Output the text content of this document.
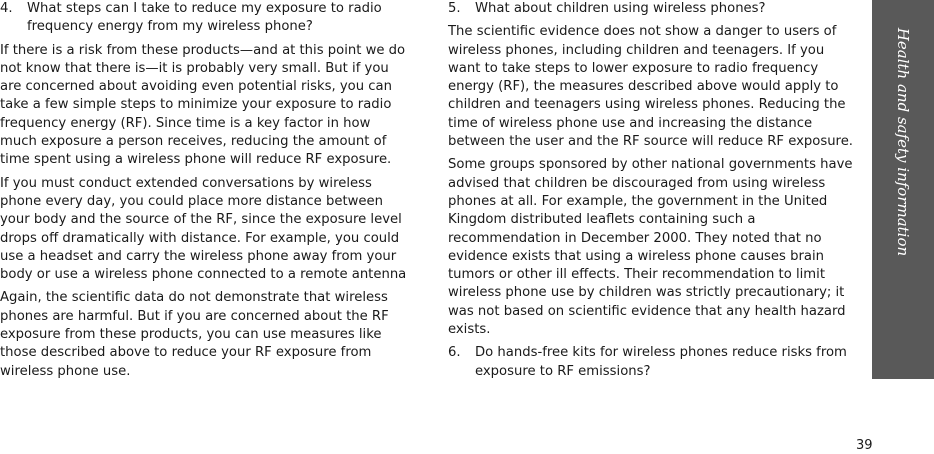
4. What steps can I take to reduce my exposure to radio frequency energy from my wireless phone?

If there is a risk from these products—and at this point we do not know that there is—it is probably very small. But if you are concerned about avoiding even potential risks, you can take a few simple steps to minimize your exposure to radio frequency energy (RF). Since time is a key factor in how much exposure a person receives, reducing the amount of time spent using a wireless phone will reduce RF exposure.

If you must conduct extended conversations by wireless phone every day, you could place more distance between your body and the source of the RF, since the exposure level drops off dramatically with distance. For example, you could use a headset and carry the wireless phone away from your body or use a wireless phone connected to a remote antenna

Again, the scientific data do not demonstrate that wireless phones are harmful. But if you are concerned about the RF exposure from these products, you can use measures like those described above to reduce your RF exposure from wireless phone use.

5. What about children using wireless phones?

The scientific evidence does not show a danger to users of wireless phones, including children and teenagers. If you want to take steps to lower exposure to radio frequency energy (RF), the measures described above would apply to children and teenagers using wireless phones. Reducing the time of wireless phone use and increasing the distance between the user and the RF source will reduce RF exposure.

Some groups sponsored by other national governments have advised that children be discouraged from using wireless phones at all. For example, the government in the United Kingdom distributed leaflets containing such a recommendation in December 2000. They noted that no evidence exists that using a wireless phone causes brain tumors or other ill effects. Their recommendation to limit wireless phone use by children was strictly precautionary; it was not based on scientific evidence that any health hazard exists.

6. Do hands-free kits for wireless phones reduce risks from exposure to RF emissions?
Health and safety information
39
